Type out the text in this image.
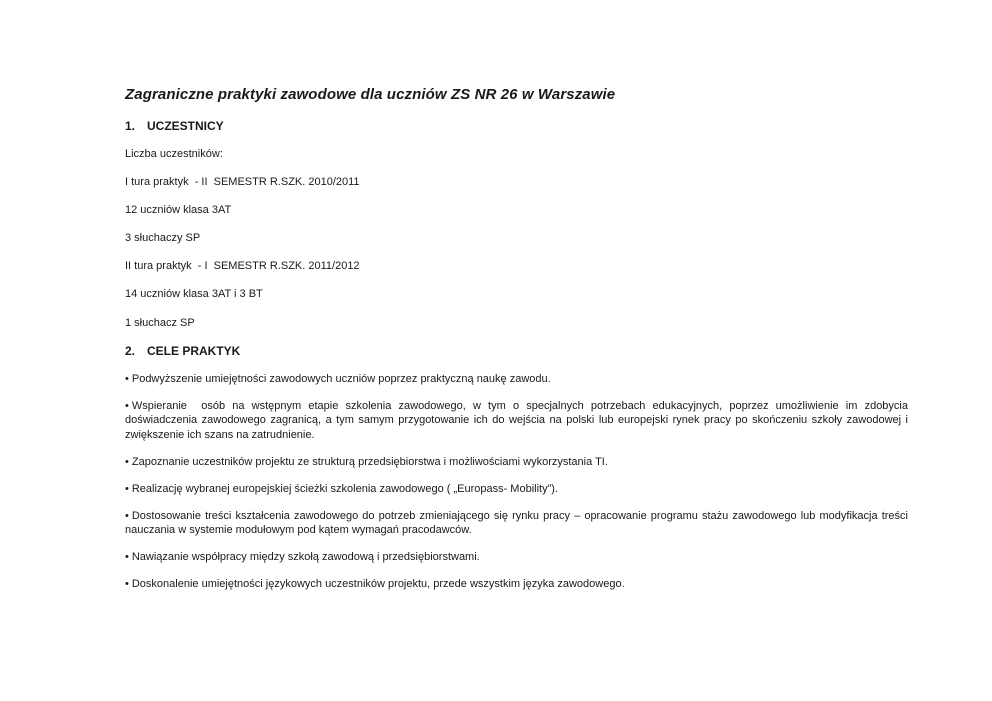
Zagraniczne praktyki zawodowe dla uczniów ZS NR 26 w Warszawie
1. UCZESTNICY
Liczba uczestników:
I tura praktyk  - II  SEMESTR R.SZK. 2010/2011
12 uczniów klasa 3AT
3 słuchaczy SP
II tura praktyk  - I  SEMESTR R.SZK. 2011/2012
14 uczniów klasa 3AT i 3 BT
1 słuchacz SP
2. CELE PRAKTYK
• Podwyższenie umiejętności zawodowych uczniów poprzez praktyczną naukę zawodu.
• Wspieranie  osób na wstępnym etapie szkolenia zawodowego, w tym o specjalnych potrzebach edukacyjnych, poprzez umożliwienie im zdobycia doświadczenia zawodowego zagranicą, a tym samym przygotowanie ich do wejścia na polski lub europejski rynek pracy po skończeniu szkoły zawodowej i zwiększenie ich szans na zatrudnienie.
• Zapoznanie uczestników projektu ze strukturą przedsiębiorstwa i możliwościami wykorzystania TI.
• Realizację wybranej europejskiej ścieżki szkolenia zawodowego ( „Europass- Mobility”).
• Dostosowanie treści kształcenia zawodowego do potrzeb zmieniającego się rynku pracy – opracowanie programu stażu zawodowego lub modyfikacja treści nauczania w systemie modułowym pod kątem wymagań pracodawców.
• Nawiązanie współpracy między szkołą zawodową i przedsiębiorstwami.
• Doskonalenie umiejętności językowych uczestników projektu, przede wszystkim języka zawodowego.
